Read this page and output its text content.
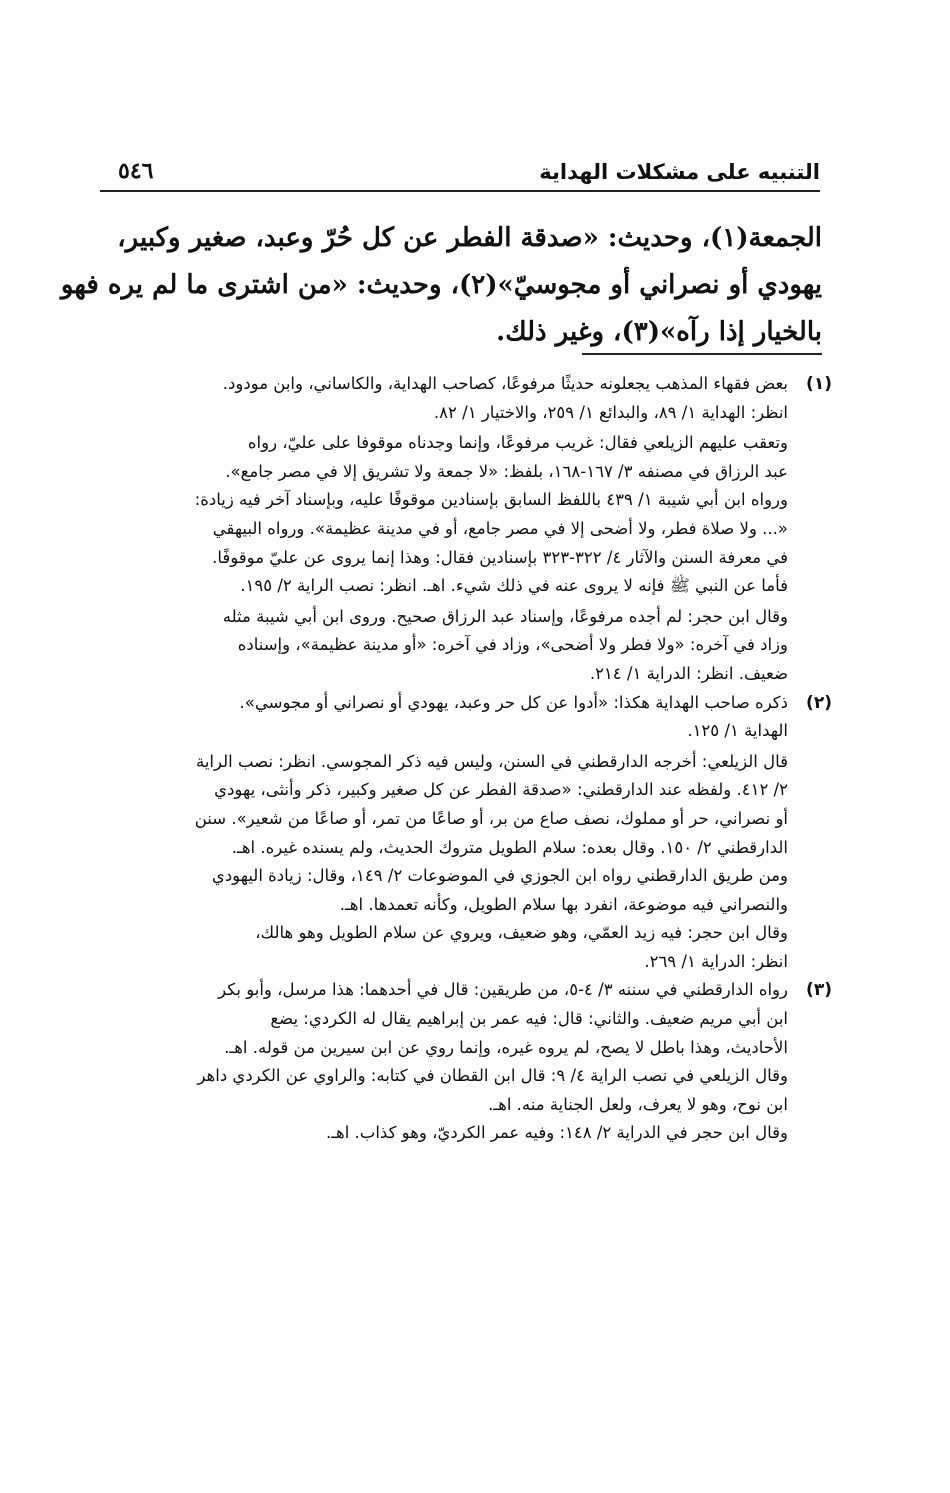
٥٤٦	التنبيه على مشكلات الهداية
الجمعة(١)، وحديث: «صدقة الفطر عن كل حُرّ وعبد، صغير وكبير،
يهودي أو نصراني أو مجوسيّ»(٢)، وحديث: «من اشترى ما لم يره فهو
بالخيار إذا رآه»(٣)، وغير ذلك.
(١)

بعض فقهاء المذهب يجعلونه حديثًا مرفوعًا، كصاحب الهداية، والكاساني، وابن مودود.
انظر: الهداية ١/ ٨٩، والبدائع ١/ ٢٥٩، والاختيار ١/ ٨٢.

وتعقب عليهم الزيلعي فقال: غريب مرفوعًا، وإنما وجدناه موقوفا على عليّ، رواه
عبد الرزاق في مصنفه ٣/ ١٦٧-١٦٨، بلفظ: «لا جمعة ولا تشريق إلا في مصر جامع».
ورواه ابن أبي شيبة ١/ ٤٣٩ باللفظ السابق بإسنادين موقوفًا عليه، وبإسناد آخر فيه زيادة:
«... ولا صلاة فطر، ولا أضحى إلا في مصر جامع، أو في مدينة عظيمة». ورواه البيهقي
في معرفة السنن والآثار ٤/ ٣٢٢-٣٢٣ بإسنادين فقال: وهذا إنما يروى عن عليّ موقوفًا.
فأما عن النبي ﷺ فإنه لا يروى عنه في ذلك شيء. اهـ. انظر: نصب الراية ٢/ ١٩٥.

وقال ابن حجر: لم أجده مرفوعًا، وإسناد عبد الرزاق صحيح. وروى ابن أبي شيبة مثله
وزاد في آخره: «ولا فطر ولا أضحى»، وزاد في آخره: «أو مدينة عظيمة»، وإسناده
ضعيف. انظر: الدراية ١/ ٢١٤.

(٢)

ذكره صاحب الهداية هكذا: «أدوا عن كل حر وعبد، يهودي أو نصراني أو مجوسي».
الهداية ١/ ١٢٥.

قال الزيلعي: أخرجه الدارقطني في السنن، وليس فيه ذكر المجوسي. انظر: نصب الراية
٢/ ٤١٢. ولفظه عند الدارقطني: «صدقة الفطر عن كل صغير وكبير، ذكر وأنثى، يهودي
أو نصراني، حر أو مملوك، نصف صاع من بر، أو صاعًا من تمر، أو صاعًا من شعير». سنن
الدارقطني ٢/ ١٥٠. وقال بعده: سلام الطويل متروك الحديث، ولم يسنده غيره. اهـ.

ومن طريق الدارقطني رواه ابن الجوزي في الموضوعات ٢/ ١٤٩، وقال: زيادة اليهودي
والنصراني فيه موضوعة، انفرد بها سلام الطويل، وكأنه تعمدها. اهـ.

وقال ابن حجر: فيه زيد العمّي، وهو ضعيف، ويروي عن سلام الطويل وهو هالك،
انظر: الدراية ١/ ٢٦٩.

(٣)

رواه الدارقطني في سننه ٣/ ٤-٥، من طريقين: قال في أحدهما: هذا مرسل، وأبو بكر
ابن أبي مريم ضعيف. والثاني: قال: فيه عمر بن إبراهيم يقال له الكردي: يضع
الأحاديث، وهذا باطل لا يصح، لم يروه غيره، وإنما روي عن ابن سيرين من قوله. اهـ.

وقال الزيلعي في نصب الراية ٤/ ٩: قال ابن القطان في كتابه: والراوي عن الكردي داهر
ابن نوح، وهو لا يعرف، ولعل الجناية منه. اهـ.

وقال ابن حجر في الدراية ٢/ ١٤٨: وفيه عمر الكرديّ، وهو كذاب. اهـ.
